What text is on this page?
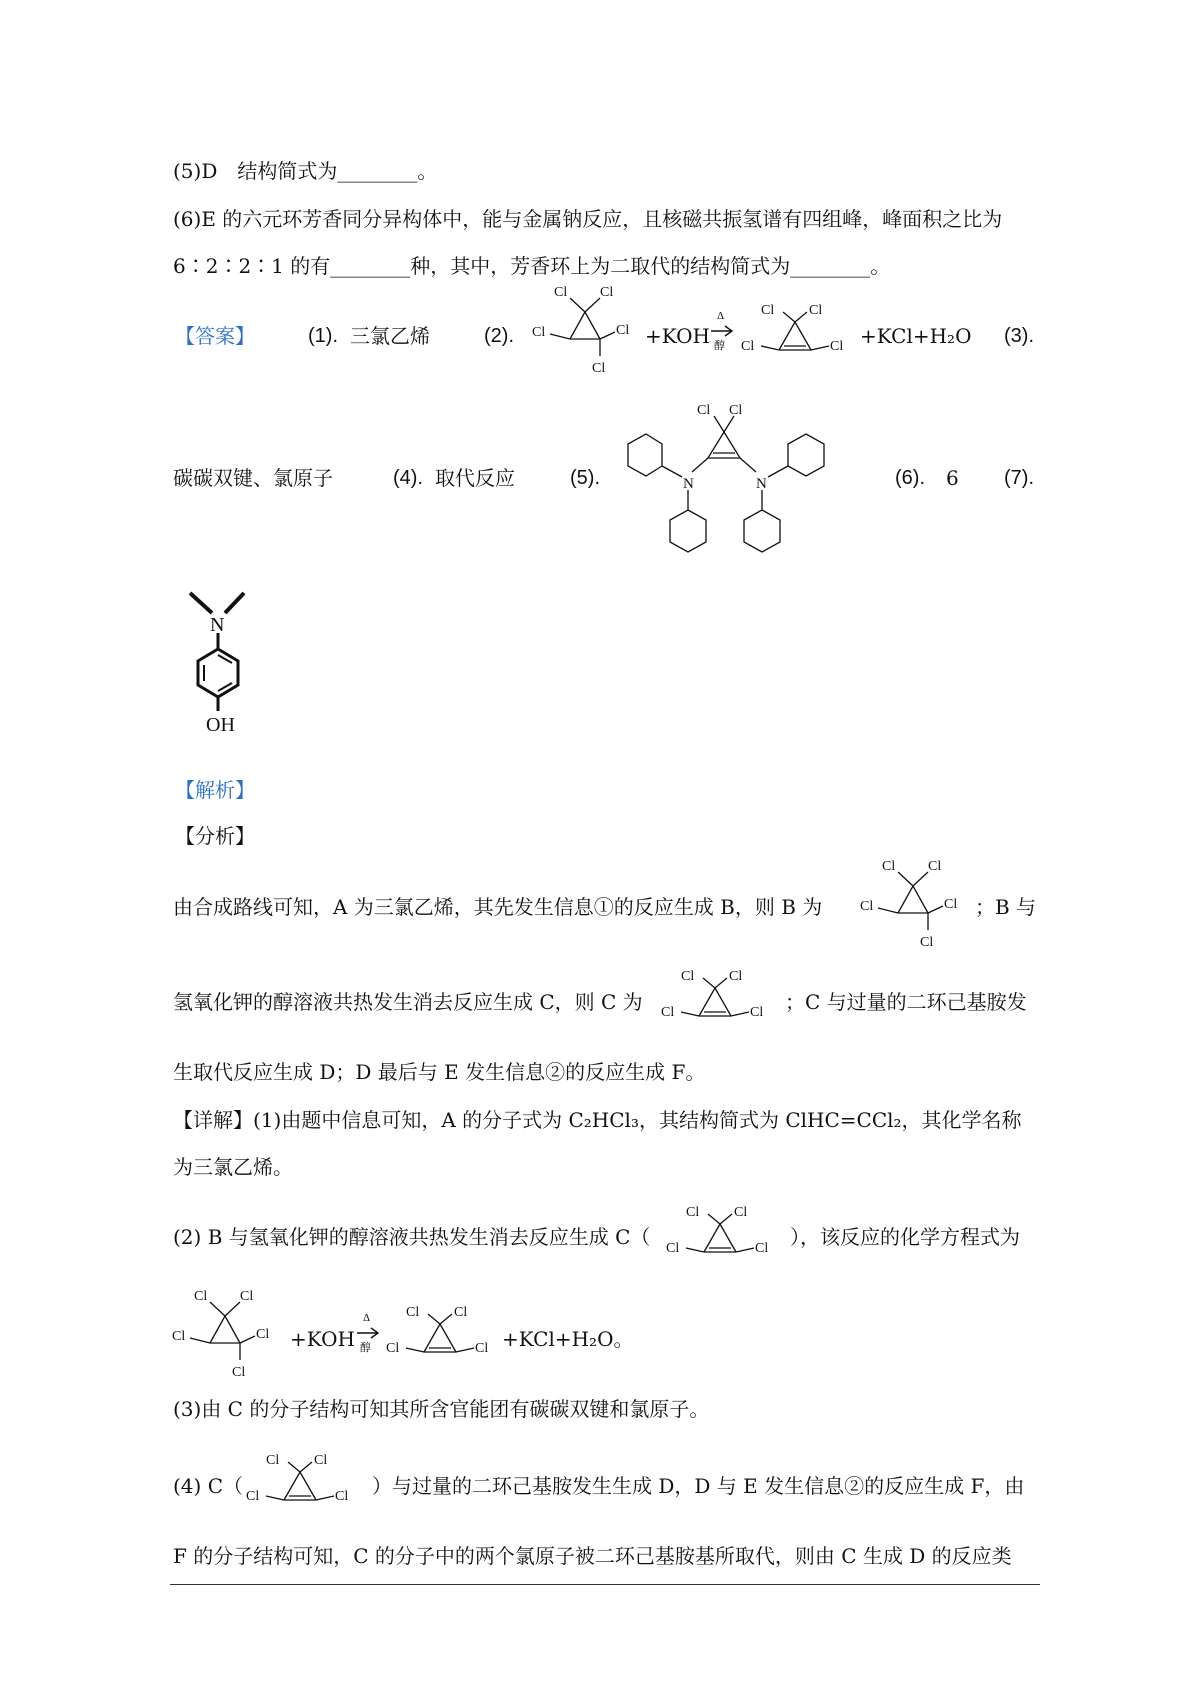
(5)D　结构简式为________。
(6)E 的六元环芳香同分异构体中，能与金属钠反应，且核磁共振氢谱有四组峰，峰面积之比为
6∶2∶2∶1 的有________种，其中，芳香环上为二取代的结构简式为________。
【答案】	(1). 三氯乙烯	(2).
Cl Cl
Cl	Cl
Cl
+KOH
Δ
醇
Cl Cl
Cl	Cl +KCl+H₂O (3).
碳碳双键、氯原子	(4). 取代反应	(5).
Cl Cl
N	N	(6). 6 (7).
N
OH
【解析】
【分析】
由合成路线可知，A 为三氯乙烯，其先发生信息①的反应生成 B，则 B 为
Cl Cl
Cl	Cl
Cl
；B 与
氢氧化钾的醇溶液共热发生消去反应生成 C，则 C 为
Cl Cl
Cl	Cl ；C 与过量的二环己基胺发
生取代反应生成 D；D 最后与 E 发生信息②的反应生成 F。
【详解】(1)由题中信息可知，A 的分子式为 C₂HCl₃，其结构简式为 ClHC=CCl₂，其化学名称
为三氯乙烯。
(2) B 与氢氧化钾的醇溶液共热发生消去反应生成 C（
Cl Cl
Cl	Cl ），该反应的化学方程式为
Cl Cl
Cl	Cl
Cl
+KOH
Δ
醇
Cl Cl
Cl	Cl +KCl+H₂O。
(3)由 C 的分子结构可知其所含官能团有碳碳双键和氯原子。
(4) C（
Cl Cl
Cl	Cl ）与过量的二环己基胺发生生成 D，D 与 E 发生信息②的反应生成 F，由
F 的分子结构可知，C 的分子中的两个氯原子被二环己基胺基所取代，则由 C 生成 D 的反应类
